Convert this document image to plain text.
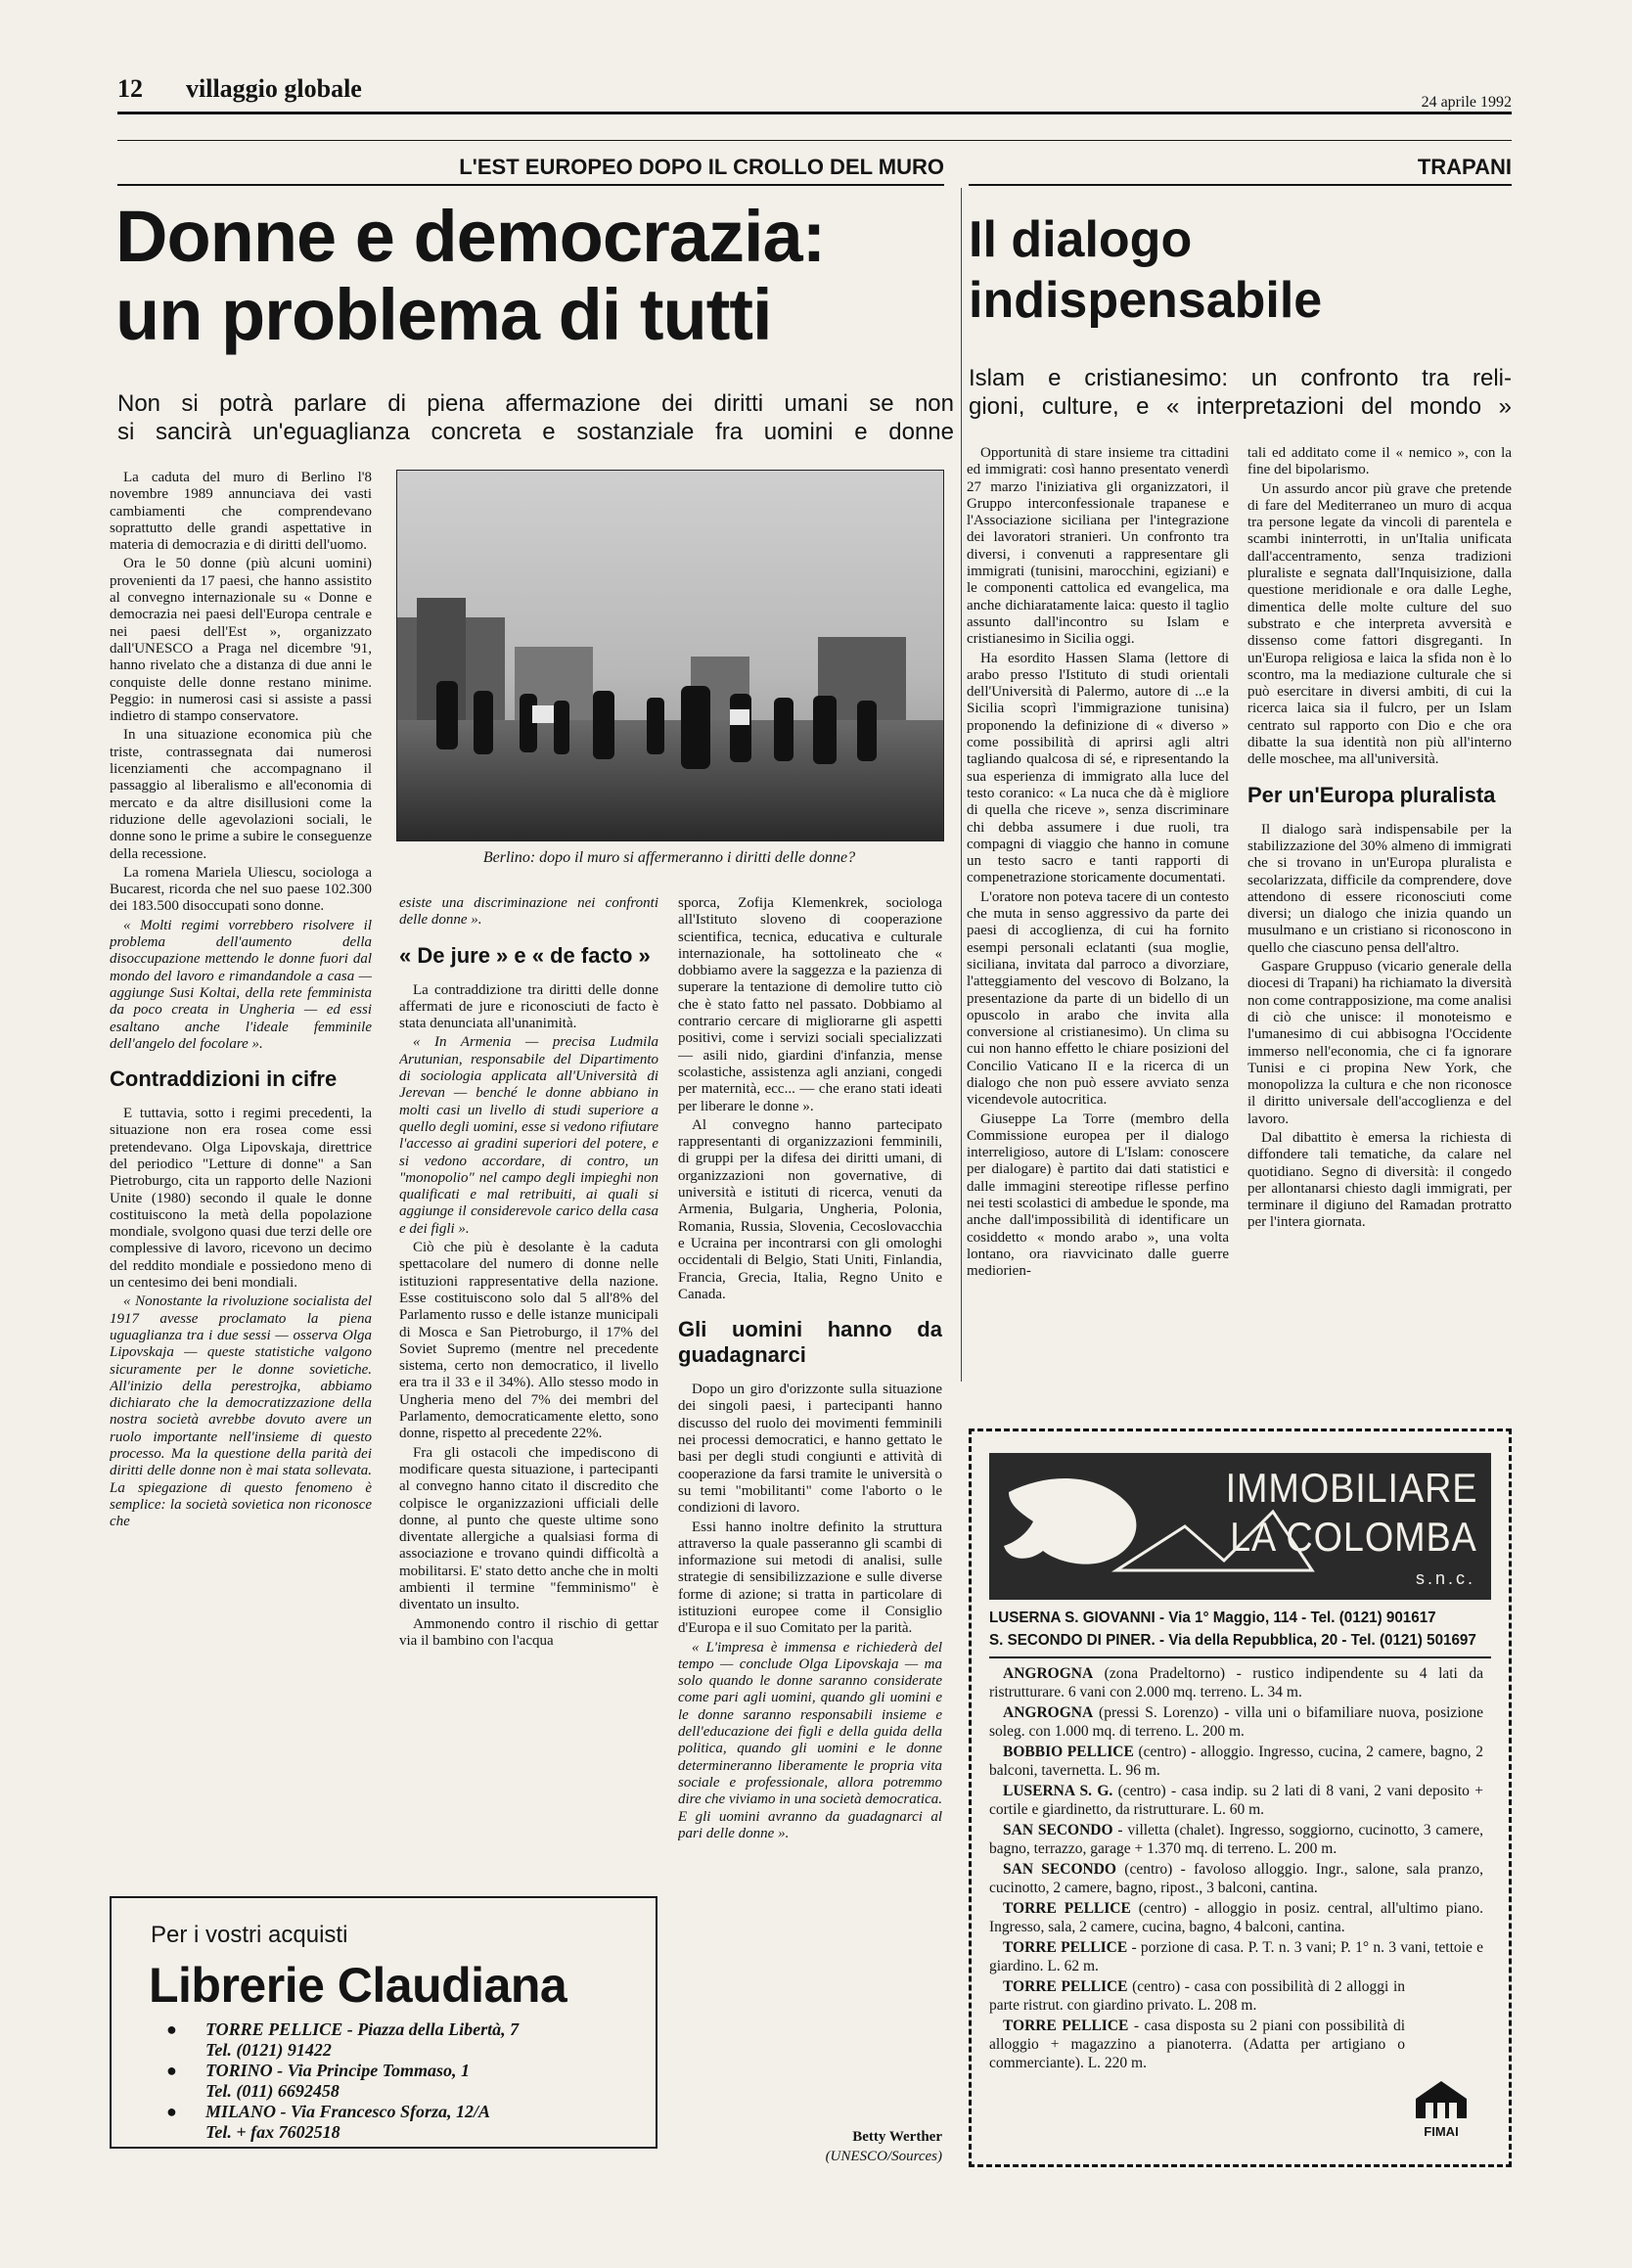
12 villaggio globale	24 aprile 1992
L'EST EUROPEO DOPO IL CROLLO DEL MURO
Donne e democrazia:
un problema di tutti
Non si potrà parlare di piena affermazione dei diritti umani se non
si sancirà un'eguaglianza concreta e sostanziale fra uomini e donne

La caduta del muro di Berlino l'8 novembre 1989 annunciava dei vasti cambiamenti che comprendevano soprattutto delle grandi aspettative in materia di democrazia e di diritti dell'uomo.

Ora le 50 donne (più alcuni uomini) provenienti da 17 paesi, che hanno assistito al convegno internazionale su « Donne e democrazia nei paesi dell'Europa centrale e nei paesi dell'Est », organizzato dall'UNESCO a Praga nel dicembre '91, hanno rivelato che a distanza di due anni le conquiste delle donne restano minime. Peggio: in numerosi casi si assiste a passi indietro di stampo conservatore.

In una situazione economica più che triste, contrassegnata dai numerosi licenziamenti che accompagnano il passaggio al liberalismo e all'economia di mercato e da altre disillusioni come la riduzione delle agevolazioni sociali, le donne sono le prime a subire le conseguenze della recessione.

La romena Mariela Uliescu, sociologa a Bucarest, ricorda che nel suo paese 102.300 dei 183.500 disoccupati sono donne.

« Molti regimi vorrebbero risolvere il problema dell'aumento della disoccupazione mettendo le donne fuori dal mondo del lavoro e rimandandole a casa — aggiunge Susi Koltai, della rete femminista da poco creata in Ungheria — ed essi esaltano anche l'ideale femminile dell'angelo del focolare ».

Contraddizioni in cifre

E tuttavia, sotto i regimi precedenti, la situazione non era rosea come essi pretendevano. Olga Lipovskaja, direttrice del periodico "Letture di donne" a San Pietroburgo, cita un rapporto delle Nazioni Unite (1980) secondo il quale le donne costituiscono la metà della popolazione mondiale, svolgono quasi due terzi delle ore complessive di lavoro, ricevono un decimo del reddito mondiale e possiedono meno di un centesimo dei beni mondiali.

« Nonostante la rivoluzione socialista del 1917 avesse proclamato la piena uguaglianza tra i due sessi — osserva Olga Lipovskaja — queste statistiche valgono sicuramente per le donne sovietiche. All'inizio della perestrojka, abbiamo dichiarato che la democratizzazione della nostra società avrebbe dovuto avere un ruolo importante nell'insieme di questo processo. Ma la questione della parità dei diritti delle donne non è mai stata sollevata. La spiegazione di questo fenomeno è semplice: la società sovietica non riconosce che

Berlino: dopo il muro si affermeranno i diritti delle donne?

esiste una discriminazione nei confronti delle donne ».

« De jure » e « de facto »

La contraddizione tra diritti delle donne affermati de jure e riconosciuti de facto è stata denunciata all'unanimità.

« In Armenia — precisa Ludmila Arutunian, responsabile del Dipartimento di sociologia applicata all'Università di Jerevan — benché le donne abbiano in molti casi un livello di studi superiore a quello degli uomini, esse si vedono rifiutare l'accesso ai gradini superiori del potere, e si vedono accordare, di contro, un "monopolio" nel campo degli impieghi non qualificati e mal retribuiti, ai quali si aggiunge il considerevole carico della casa e dei figli ».

Ciò che più è desolante è la caduta spettacolare del numero di donne nelle istituzioni rappresentative della nazione. Esse costituiscono solo dal 5 all'8% del Parlamento russo e delle istanze municipali di Mosca e San Pietroburgo, il 17% del Soviet Supremo (mentre nel precedente sistema, certo non democratico, il livello era tra il 33 e il 34%). Allo stesso modo in Ungheria meno del 7% dei membri del Parlamento, democraticamente eletto, sono donne, rispetto al precedente 22%.

Fra gli ostacoli che impediscono di modificare questa situazione, i partecipanti al convegno hanno citato il discredito che colpisce le organizzazioni ufficiali delle donne, al punto che queste ultime sono diventate allergiche a qualsiasi forma di associazione e trovano quindi difficoltà a mobilitarsi. E' stato detto anche che in molti ambienti il termine "femminismo" è diventato un insulto.

Ammonendo contro il rischio di gettar via il bambino con l'acqua

sporca, Zofija Klemenkrek, sociologa all'Istituto sloveno di cooperazione scientifica, tecnica, educativa e culturale internazionale, ha sottolineato che « dobbiamo avere la saggezza e la pazienza di superare la tentazione di demolire tutto ciò che è stato fatto nel passato. Dobbiamo al contrario cercare di migliorarne gli aspetti positivi, come i servizi sociali specializzati — asili nido, giardini d'infanzia, mense scolastiche, assistenza agli anziani, congedi per maternità, ecc... — che erano stati ideati per liberare le donne ».

Al convegno hanno partecipato rappresentanti di organizzazioni femminili, di gruppi per la difesa dei diritti umani, di organizzazioni non governative, di università e istituti di ricerca, venuti da Armenia, Bulgaria, Ungheria, Polonia, Romania, Russia, Slovenia, Cecoslovacchia e Ucraina per incontrarsi con gli omologhi occidentali di Belgio, Stati Uniti, Finlandia, Francia, Grecia, Italia, Regno Unito e Canada.

Gli uomini hanno da guadagnarci

Dopo un giro d'orizzonte sulla situazione dei singoli paesi, i partecipanti hanno discusso del ruolo dei movimenti femminili nei processi democratici, e hanno gettato le basi per degli studi congiunti e attività di cooperazione da farsi tramite le università o su temi "mobilitanti" come l'aborto o le condizioni di lavoro.

Essi hanno inoltre definito la struttura attraverso la quale passeranno gli scambi di informazione sui metodi di analisi, sulle strategie di sensibilizzazione e sulle diverse forme di azione; si tratta in particolare di istituzioni europee come il Consiglio d'Europa e il suo Comitato per la parità.

« L'impresa è immensa e richiederà del tempo — conclude Olga Lipovskaja — ma solo quando le donne saranno considerate come pari agli uomini, quando gli uomini e le donne saranno responsabili insieme e dell'educazione dei figli e della guida della politica, quando gli uomini e le donne determineranno liberamente le propria vita sociale e professionale, allora potremmo dire che viviamo in una società democratica. E gli uomini avranno da guadagnarci al pari delle donne ».

Betty Werther
(UNESCO/Sources)
Per i vostri acquisti
Librerie Claudiana
● TORRE PELLICE - Piazza della Libertà, 7
Tel. (0121) 91422
● TORINO - Via Principe Tommaso, 1
Tel. (011) 6692458
● MILANO - Via Francesco Sforza, 12/A
Tel. + fax 7602518
TRAPANI
Il dialogo
indispensabile
Islam e cristianesimo: un confronto tra reli-
gioni, culture, e « interpretazioni del mondo »

Opportunità di stare insieme tra cittadini ed immigrati: così hanno presentato venerdì 27 marzo l'iniziativa gli organizzatori, il Gruppo interconfessionale trapanese e l'Associazione siciliana per l'integrazione dei lavoratori stranieri. Un confronto tra diversi, i convenuti a rappresentare gli immigrati (tunisini, marocchini, egiziani) e le componenti cattolica ed evangelica, ma anche dichiaratamente laica: questo il taglio assunto dall'incontro su Islam e cristianesimo in Sicilia oggi.

Ha esordito Hassen Slama (lettore di arabo presso l'Istituto di studi orientali dell'Università di Palermo, autore di ...e la Sicilia scoprì l'immigrazione tunisina) proponendo la definizione di « diverso » come possibilità di aprirsi agli altri tagliando qualcosa di sé, e ripresentando la sua esperienza di immigrato alla luce del testo coranico: « La nuca che dà è migliore di quella che riceve », senza discriminare chi debba assumere i due ruoli, tra compagni di viaggio che hanno in comune un testo sacro e tanti rapporti di compenetrazione storicamente documentati.

L'oratore non poteva tacere di un contesto che muta in senso aggressivo da parte dei paesi di accoglienza, di cui ha fornito esempi personali eclatanti (sua moglie, siciliana, invitata dal parroco a divorziare, l'atteggiamento del vescovo di Bolzano, la presentazione da parte di un bidello di un opuscolo in arabo che invita alla conversione al cristianesimo). Un clima su cui non hanno effetto le chiare posizioni del Concilio Vaticano II e la ricerca di un dialogo che non può essere avviato senza vicendevole autocritica.

Giuseppe La Torre (membro della Commissione europea per il dialogo interreligioso, autore di L'Islam: conoscere per dialogare) è partito dai dati statistici e dalle immagini stereotipe riflesse perfino nei testi scolastici di ambedue le sponde, ma anche dall'impossibilità di identificare un cosiddetto « mondo arabo », una volta lontano, ora riavvicinato dalle guerre mediorien-

tali ed additato come il « nemico », con la fine del bipolarismo.

Un assurdo ancor più grave che pretende di fare del Mediterraneo un muro di acqua tra persone legate da vincoli di parentela e scambi ininterrotti, in un'Italia unificata dall'accentramento, senza tradizioni pluraliste e segnata dall'Inquisizione, dalla questione meridionale e ora dalle Leghe, dimentica delle molte culture del suo substrato e che interpreta avversità e dissenso come fattori disgreganti. In un'Europa religiosa e laica la sfida non è lo scontro, ma la mediazione culturale che si può esercitare in diversi ambiti, di cui la ricerca laica sia il fulcro, per un Islam centrato sul rapporto con Dio e che ora dibatte la sua identità non più all'interno delle moschee, ma all'università.

Per un'Europa pluralista

Il dialogo sarà indispensabile per la stabilizzazione del 30% almeno di immigrati che si trovano in un'Europa pluralista e secolarizzata, difficile da comprendere, dove attendono di essere riconosciuti come diversi; un dialogo che inizia quando un musulmano e un cristiano si riconoscono in quello che ciascuno pensa dell'altro.

Gaspare Gruppuso (vicario generale della diocesi di Trapani) ha richiamato la diversità non come contrapposizione, ma come analisi di ciò che unisce: il monoteismo e l'umanesimo di cui abbisogna l'Occidente immerso nell'economia, che ci fa ignorare Tunisi e ci propina New York, che monopolizza la cultura e che non riconosce il diritto universale dell'accoglienza e del lavoro.

Dal dibattito è emersa la richiesta di diffondere tali tematiche, da calare nel quotidiano. Segno di diversità: il congedo per allontanarsi chiesto dagli immigrati, per terminare il digiuno del Ramadan protratto per l'intera giornata.

IMMOBILIARE
LA COLOMBA
s.n.c.
LUSERNA S. GIOVANNI - Via 1° Maggio, 114 - Tel. (0121) 901617
S. SECONDO DI PINER. - Via della Repubblica, 20 - Tel. (0121) 501697

ANGROGNA (zona Pradeltorno) - rustico indipendente su 4 lati da ristrutturare. 6 vani con 2.000 mq. terreno. L. 34 m.

ANGROGNA (pressi S. Lorenzo) - villa uni o bifamiliare nuova, posizione soleg. con 1.000 mq. di terreno. L. 200 m.

BOBBIO PELLICE (centro) - alloggio. Ingresso, cucina, 2 camere, bagno, 2 balconi, tavernetta. L. 96 m.

LUSERNA S. G. (centro) - casa indip. su 2 lati di 8 vani, 2 vani deposito + cortile e giardinetto, da ristrutturare. L. 60 m.

SAN SECONDO - villetta (chalet). Ingresso, soggiorno, cucinotto, 3 camere, bagno, terrazzo, garage + 1.370 mq. di terreno. L. 200 m.

SAN SECONDO (centro) - favoloso alloggio. Ingr., salone, sala pranzo, cucinotto, 2 camere, bagno, ripost., 3 balconi, cantina.

TORRE PELLICE (centro) - alloggio in posiz. central, all'ultimo piano. Ingresso, sala, 2 camere, cucina, bagno, 4 balconi, cantina.

TORRE PELLICE - porzione di casa. P. T. n. 3 vani; P. 1° n. 3 vani, tettoie e giardino. L. 62 m.

TORRE PELLICE (centro) - casa con possibilità di 2 alloggi in parte ristrut. con giardino privato. L. 208 m.

TORRE PELLICE - casa disposta su 2 piani con possibilità di alloggio + magazzino a pianoterra. (Adatta per artigiano o commerciante). L. 220 m.

FIMAI
